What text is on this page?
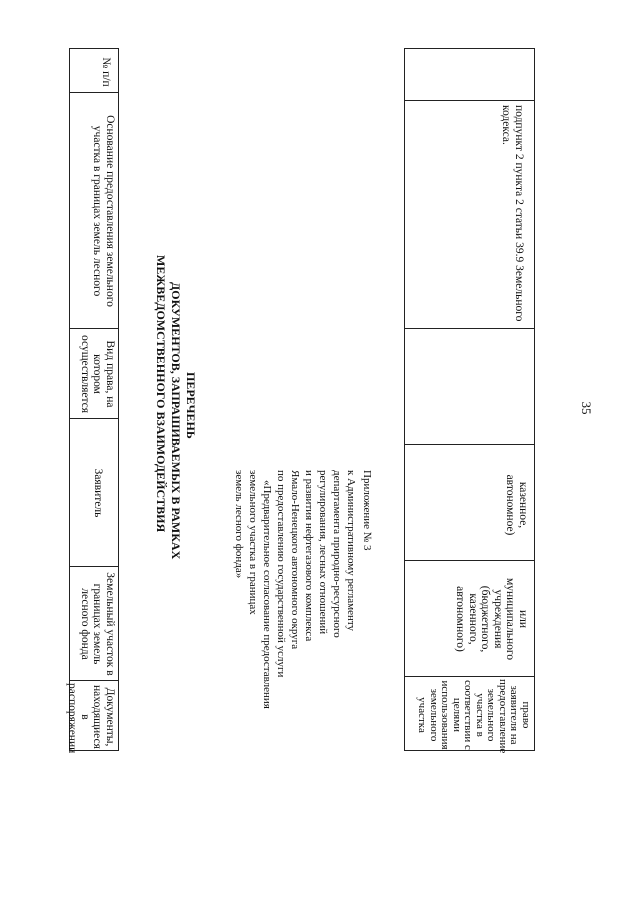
35
подпункт 2 пункта 2 статьи 39.9 Земельного кодекса.
казенное, автономное)
или муниципального учреждения (бюджетного, казенного, автономного)
право заявителя на предоставление земельного участка в соответствии с целями использования земельного участка
Приложение № 3
к Административному регламенту
департамента природно-ресурсного
регулирования, лесных отношений
и развития нефтегазового комплекса
Ямало-Ненецкого автономного округа
по предоставлению государственной услуги
«Предварительное согласование предоставления
земельного участка в границах
земель лесного фонда»
ПЕРЕЧЕНЬ
ДОКУМЕНТОВ, ЗАПРАШИВАЕМЫХ В РАМКАХ
МЕЖВЕДОМСТВЕННОГО ВЗАИМОДЕЙСТВИЯ
№ п/п
Основание предоставления земельного участка в границах земель лесного
Вид права, на котором осуществляется
Заявитель
Земельный участок в границах земель лесного фонда
Документы, находящиеся в распоряжении
